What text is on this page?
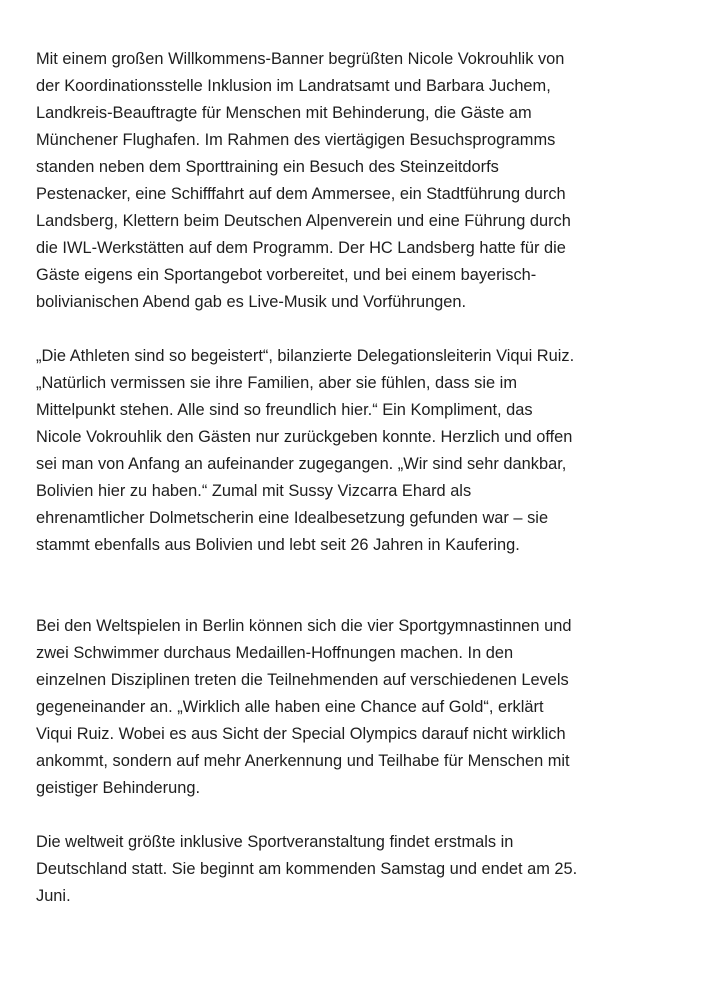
Mit einem großen Willkommens-Banner begrüßten Nicole Vokrouhlik von
der Koordinationsstelle Inklusion im Landratsamt und Barbara Juchem,
Landkreis-Beauftragte für Menschen mit Behinderung, die Gäste am
Münchener Flughafen. Im Rahmen des viertägigen Besuchsprogramms
standen neben dem Sporttraining ein Besuch des Steinzeitdorfs
Pestenacker, eine Schifffahrt auf dem Ammersee, ein Stadtführung durch
Landsberg, Klettern beim Deutschen Alpenverein und eine Führung durch
die IWL-Werkstätten auf dem Programm. Der HC Landsberg hatte für die
Gäste eigens ein Sportangebot vorbereitet, und bei einem bayerisch-
bolivianischen Abend gab es Live-Musik und Vorführungen.

„Die Athleten sind so begeistert“, bilanzierte Delegationsleiterin Viqui Ruiz.
„Natürlich vermissen sie ihre Familien, aber sie fühlen, dass sie im
Mittelpunkt stehen. Alle sind so freundlich hier.“ Ein Kompliment, das
Nicole Vokrouhlik den Gästen nur zurückgeben konnte. Herzlich und offen
sei man von Anfang an aufeinander zugegangen. „Wir sind sehr dankbar,
Bolivien hier zu haben.“ Zumal mit Sussy Vizcarra Ehard als
ehrenamtlicher Dolmetscherin eine Idealbesetzung gefunden war – sie
stammt ebenfalls aus Bolivien und lebt seit 26 Jahren in Kaufering.

Bei den Weltspielen in Berlin können sich die vier Sportgymnastinnen und
zwei Schwimmer durchaus Medaillen-Hoffnungen machen. In den
einzelnen Disziplinen treten die Teilnehmenden auf verschiedenen Levels
gegeneinander an. „Wirklich alle haben eine Chance auf Gold“, erklärt
Viqui Ruiz. Wobei es aus Sicht der Special Olympics darauf nicht wirklich
ankommt, sondern auf mehr Anerkennung und Teilhabe für Menschen mit
geistiger Behinderung.

Die weltweit größte inklusive Sportveranstaltung findet erstmals in
Deutschland statt. Sie beginnt am kommenden Samstag und endet am 25.
Juni.
